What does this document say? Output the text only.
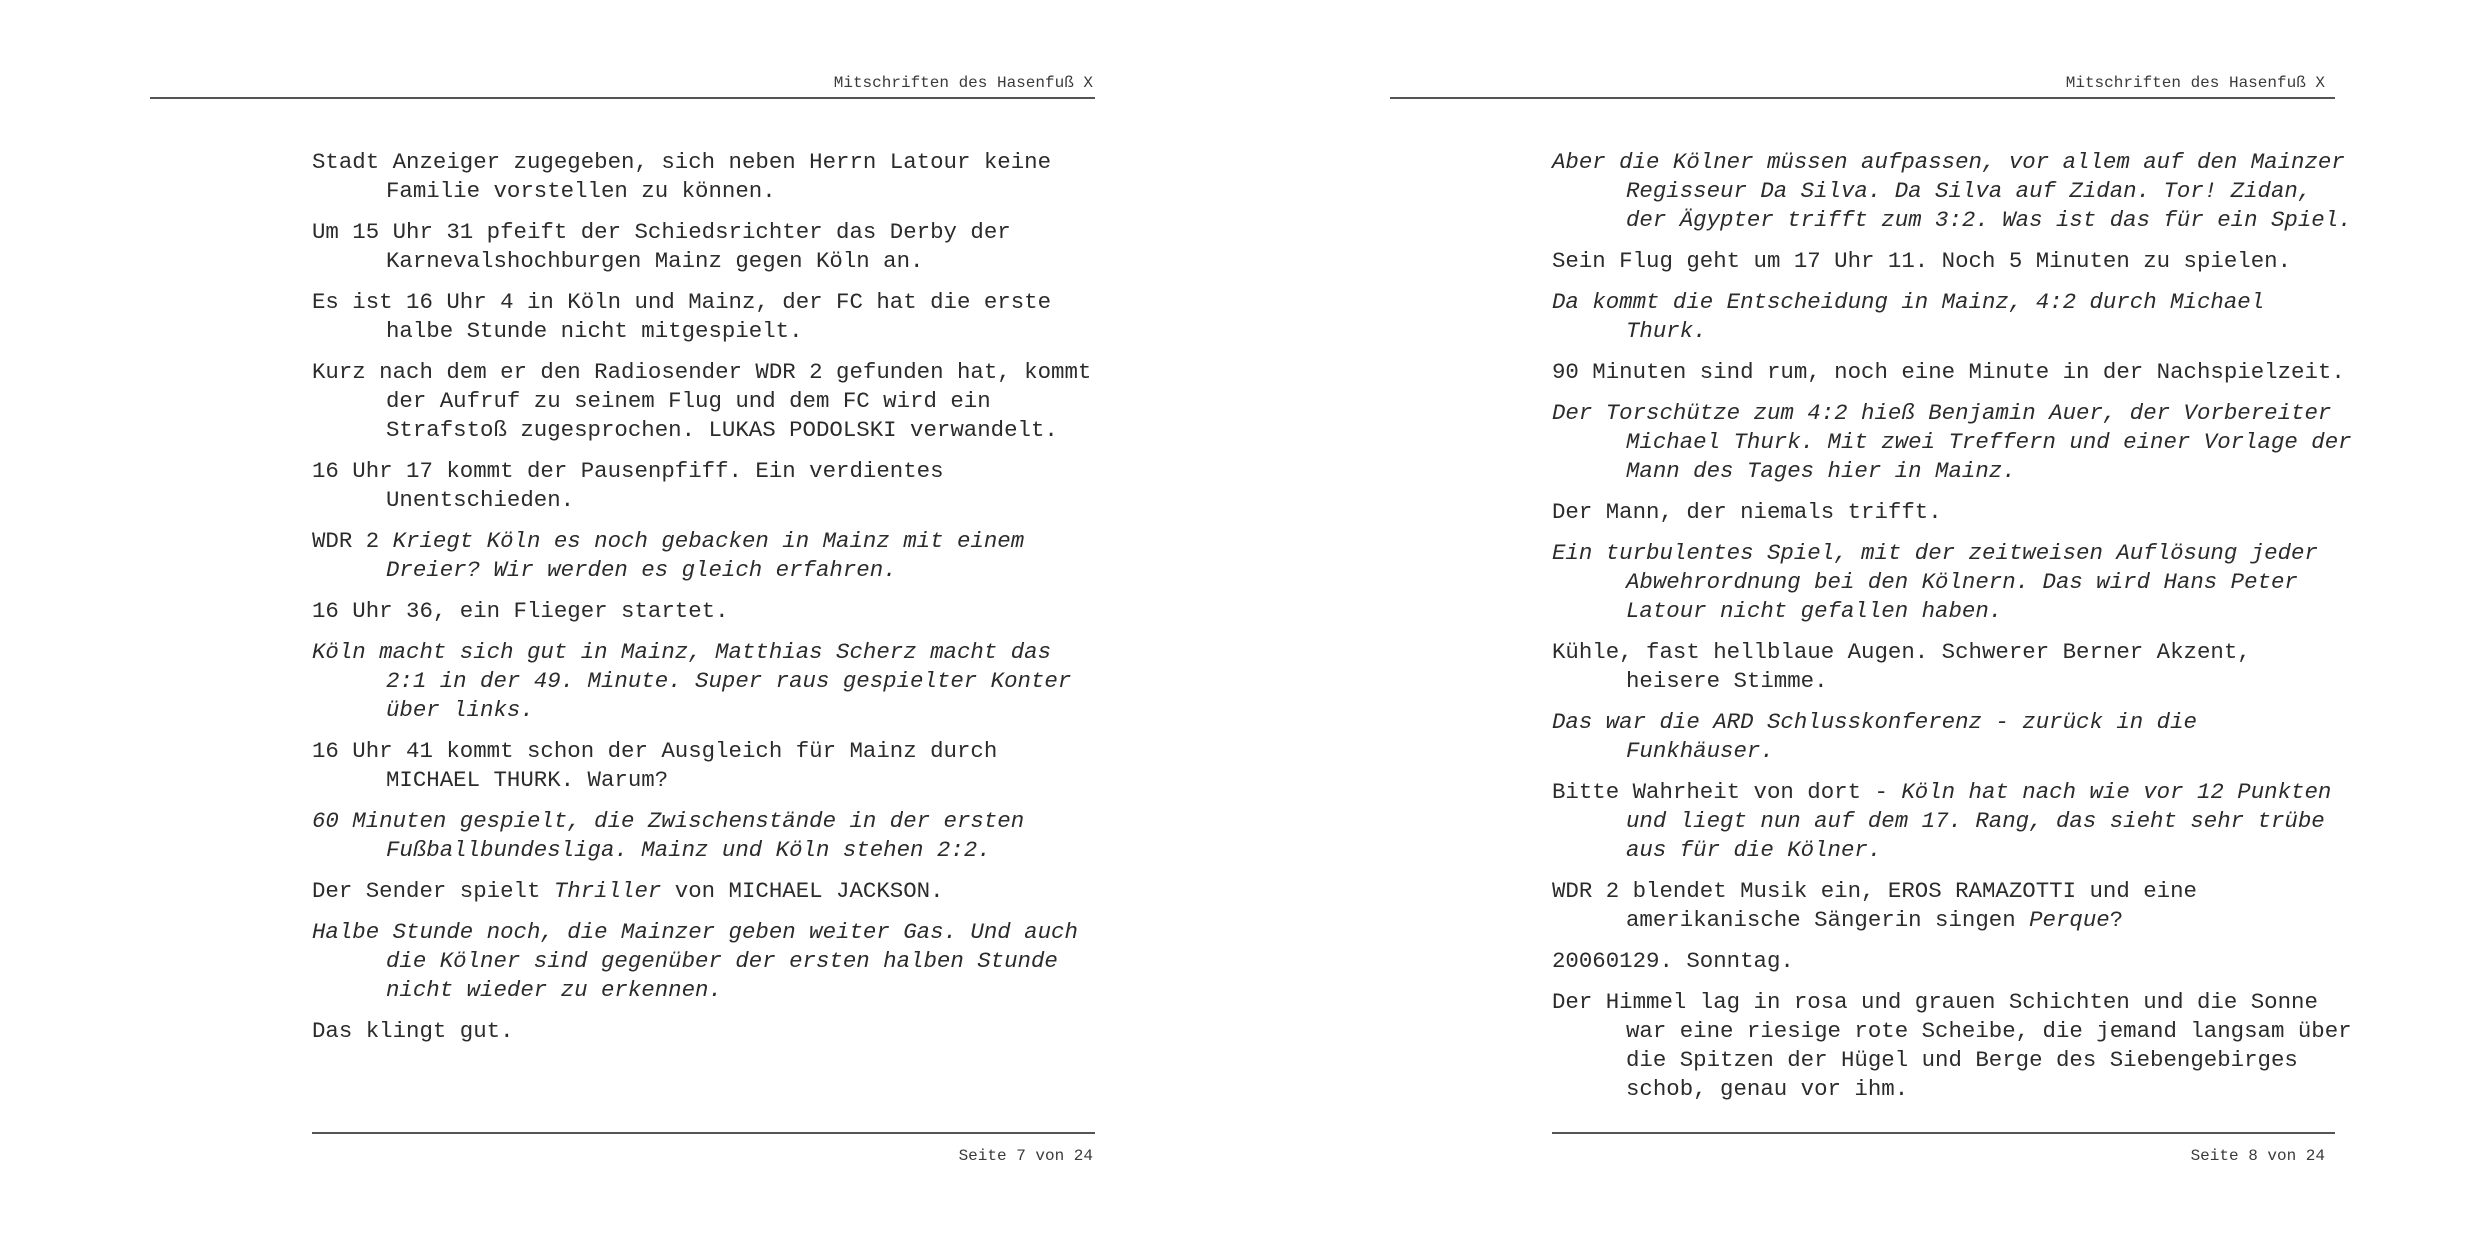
Mitschriften des Hasenfuß X

Stadt Anzeiger zugegeben, sich neben Herrn Latour keine Familie vorstellen zu können.

Um 15 Uhr 31 pfeift der Schiedsrichter das Derby der Karnevalshochburgen Mainz gegen Köln an.

Es ist 16 Uhr 4 in Köln und Mainz, der FC hat die erste halbe Stunde nicht mitgespielt.

Kurz nach dem er den Radiosender WDR 2 gefunden hat, kommt der Aufruf zu seinem Flug und dem FC wird ein Strafstoß zugesprochen. LUKAS PODOLSKI verwandelt.

16 Uhr 17 kommt der Pausenpfiff. Ein verdientes Unentschieden.

WDR 2 Kriegt Köln es noch gebacken in Mainz mit einem Dreier? Wir werden es gleich erfahren.

16 Uhr 36, ein Flieger startet.

Köln macht sich gut in Mainz, Matthias Scherz macht das 2:1 in der 49. Minute. Super raus gespielter Konter über links.

16 Uhr 41 kommt schon der Ausgleich für Mainz durch MICHAEL THURK. Warum?

60 Minuten gespielt, die Zwischenstände in der ersten Fußballbundesliga. Mainz und Köln stehen 2:2.

Der Sender spielt Thriller von MICHAEL JACKSON.

Halbe Stunde noch, die Mainzer geben weiter Gas. Und auch die Kölner sind gegenüber der ersten halben Stunde nicht wieder zu erkennen.

Das klingt gut.

Seite 7 von 24
Mitschriften des Hasenfuß X

Aber die Kölner müssen aufpassen, vor allem auf den Mainzer Regisseur Da Silva. Da Silva auf Zidan. Tor! Zidan, der Ägypter trifft zum 3:2. Was ist das für ein Spiel.

Sein Flug geht um 17 Uhr 11. Noch 5 Minuten zu spielen.

Da kommt die Entscheidung in Mainz, 4:2 durch Michael Thurk.

90 Minuten sind rum, noch eine Minute in der Nachspielzeit.

Der Torschütze zum 4:2 hieß Benjamin Auer, der Vorbereiter Michael Thurk. Mit zwei Treffern und einer Vorlage der Mann des Tages hier in Mainz.

Der Mann, der niemals trifft.

Ein turbulentes Spiel, mit der zeitweisen Auflösung jeder Abwehrordnung bei den Kölnern. Das wird Hans Peter Latour nicht gefallen haben.

Kühle, fast hellblaue Augen. Schwerer Berner Akzent, heisere Stimme.

Das war die ARD Schlusskonferenz - zurück in die Funkhäuser.

Bitte Wahrheit von dort - Köln hat nach wie vor 12 Punkten und liegt nun auf dem 17. Rang, das sieht sehr trübe aus für die Kölner.

WDR 2 blendet Musik ein, EROS RAMAZOTTI und eine amerikanische Sängerin singen Perque?

20060129. Sonntag.

Der Himmel lag in rosa und grauen Schichten und die Sonne war eine riesige rote Scheibe, die jemand langsam über die Spitzen der Hügel und Berge des Siebengebirges schob, genau vor ihm.

Seite 8 von 24
